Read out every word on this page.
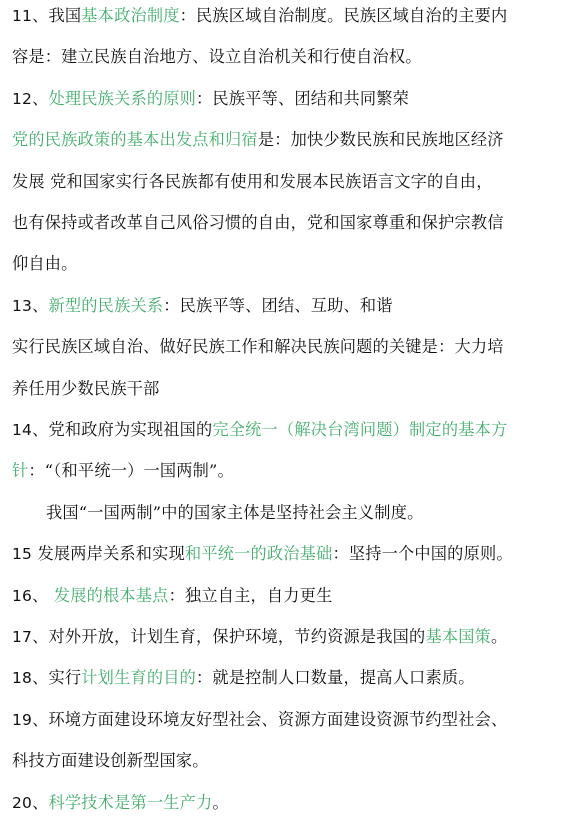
11、我国基本政治制度：民族区域自治制度。民族区域自治的主要内
容是：建立民族自治地方、设立自治机关和行使自治权。
12、处理民族关系的原则：民族平等、团结和共同繁荣
党的民族政策的基本出发点和归宿是：加快少数民族和民族地区经济
发展 党和国家实行各民族都有使用和发展本民族语言文字的自由，
也有保持或者改革自己风俗习惯的自由，党和国家尊重和保护宗教信
仰自由。
13、新型的民族关系：民族平等、团结、互助、和谐
实行民族区域自治、做好民族工作和解决民族问题的关键是：大力培
养任用少数民族干部
14、党和政府为实现祖国的完全统一（解决台湾问题）制定的基本方
针：“（和平统一）一国两制”。
我国“一国两制”中的国家主体是坚持社会主义制度。
15 发展两岸关系和实现和平统一的政治基础：坚持一个中国的原则。
16、 发展的根本基点：独立自主，自力更生
17、对外开放，计划生育，保护环境，节约资源是我国的基本国策。
18、实行计划生育的目的：就是控制人口数量，提高人口素质。
19、环境方面建设环境友好型社会、资源方面建设资源节约型社会、
科技方面建设创新型国家。
20、科学技术是第一生产力。
